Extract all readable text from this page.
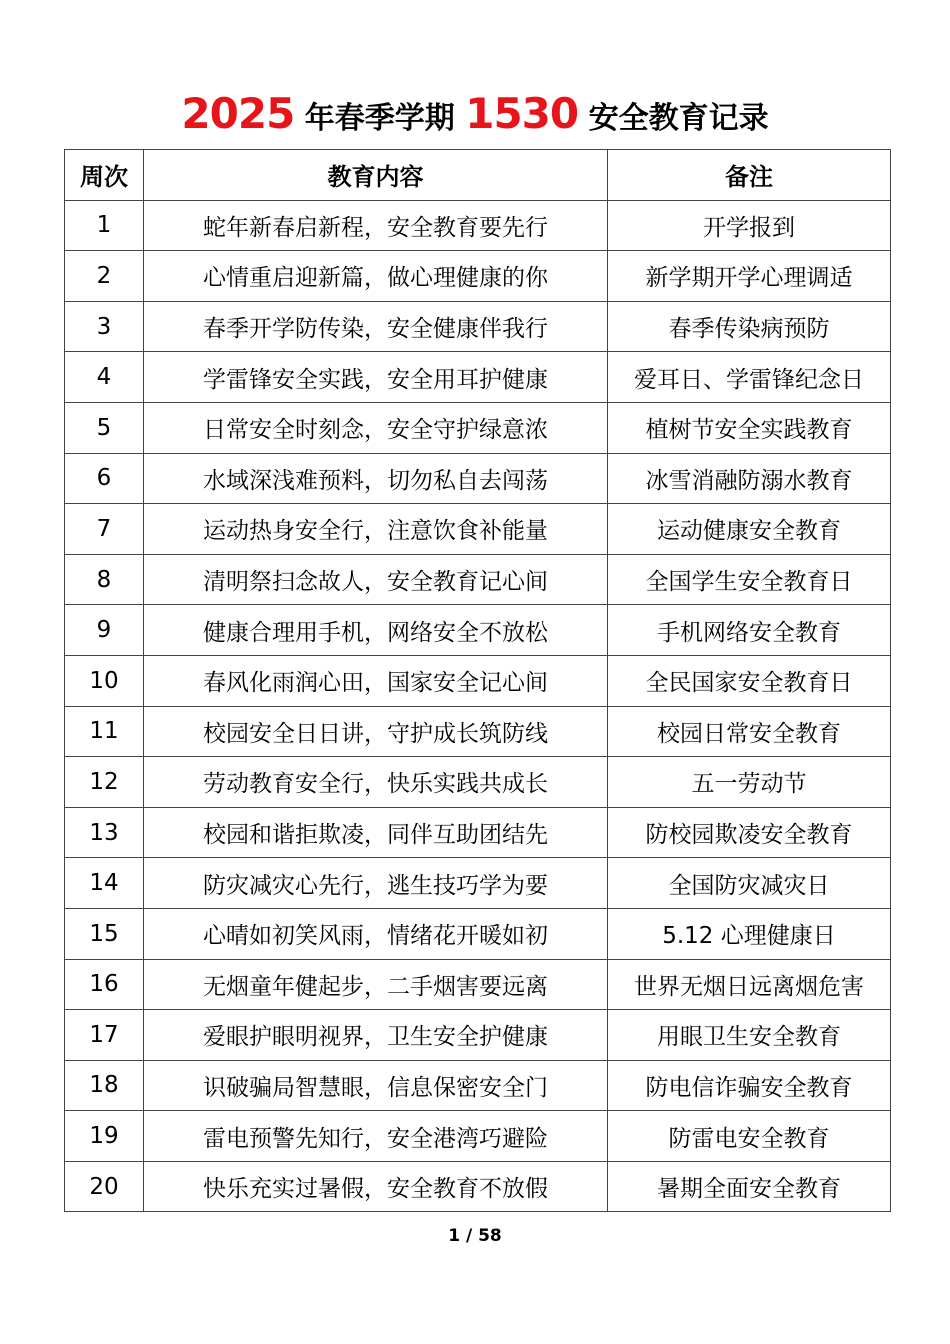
2025 年春季学期 1530 安全教育记录
周次	教育内容	备注
1	蛇年新春启新程，安全教育要先行	开学报到
2	心情重启迎新篇，做心理健康的你	新学期开学心理调适
3	春季开学防传染，安全健康伴我行	春季传染病预防
4	学雷锋安全实践，安全用耳护健康	爱耳日、学雷锋纪念日
5	日常安全时刻念，安全守护绿意浓	植树节安全实践教育
6	水域深浅难预料，切勿私自去闯荡	冰雪消融防溺水教育
7	运动热身安全行，注意饮食补能量	运动健康安全教育
8	清明祭扫念故人，安全教育记心间	全国学生安全教育日
9	健康合理用手机，网络安全不放松	手机网络安全教育
10	春风化雨润心田，国家安全记心间	全民国家安全教育日
11	校园安全日日讲，守护成长筑防线	校园日常安全教育
12	劳动教育安全行，快乐实践共成长	五一劳动节
13	校园和谐拒欺凌，同伴互助团结先	防校园欺凌安全教育
14	防灾减灾心先行，逃生技巧学为要	全国防灾减灾日
15	心晴如初笑风雨，情绪花开暖如初	5.12 心理健康日
16	无烟童年健起步，二手烟害要远离	世界无烟日远离烟危害
17	爱眼护眼明视界，卫生安全护健康	用眼卫生安全教育
18	识破骗局智慧眼，信息保密安全门	防电信诈骗安全教育
19	雷电预警先知行，安全港湾巧避险	防雷电安全教育
20	快乐充实过暑假，安全教育不放假	暑期全面安全教育
1 / 58
